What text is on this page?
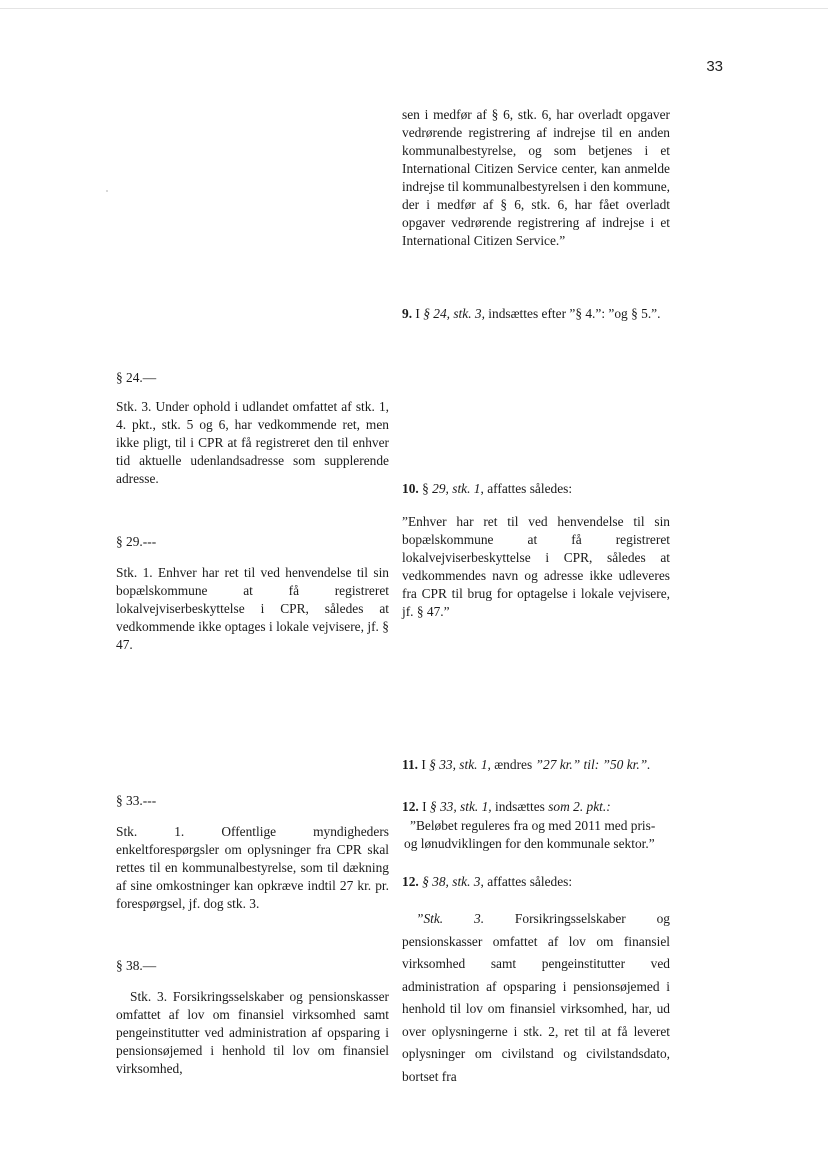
33

sen i medfør af § 6, stk. 6, har overladt opgaver vedrørende registrering af indrejse til en anden kommunalbestyrelse, og som betjenes i et International Citizen Service center, kan anmelde indrejse til kommunalbestyrelsen i den kommune, der i medfør af § 6, stk. 6, har fået overladt opgaver vedrørende registrering af indrejse i et International Citizen Service.”

9. I § 24, stk. 3, indsættes efter ”§ 4.”: ”og § 5.”.

10. § 29, stk. 1, affattes således:

”Enhver har ret til ved henvendelse til sin bopælskommune at få registreret lokalvejviserbeskyttelse i CPR, således at vedkommendes navn og adresse ikke udleveres fra CPR til brug for optagelse i lokale vejvisere, jf. § 47.”

11. I § 33, stk. 1, ændres ”27 kr.” til: ”50 kr.”.

12. I § 33, stk. 1, indsættes som 2. pkt.:

”Beløbet reguleres fra og med 2011 med pris- og lønudviklingen for den kommunale sektor.”

12. § 38, stk. 3, affattes således:

”Stk. 3. Forsikringsselskaber og pensionskasser omfattet af lov om finansiel virksomhed samt pengeinstitutter ved administration af opsparing i pensionsøjemed i henhold til lov om finansiel virksomhed, har, ud over oplysningerne i stk. 2, ret til at få leveret oplysninger om civilstand og civilstandsdato, bortset fra

§ 24.—

Stk. 3. Under ophold i udlandet omfattet af stk. 1, 4. pkt., stk. 5 og 6, har vedkommende ret, men ikke pligt, til i CPR at få registreret den til enhver tid aktuelle udenlandsadresse som supplerende adresse.

§ 29.---

Stk. 1. Enhver har ret til ved henvendelse til sin bopælskommune at få registreret lokalvejviserbeskyttelse i CPR, således at vedkommende ikke optages i lokale vejvisere, jf. § 47.

§ 33.---

Stk. 1. Offentlige myndigheders enkeltforespørgsler om oplysninger fra CPR skal rettes til en kommunalbestyrelse, som til dækning af sine omkostninger kan opkræve indtil 27 kr. pr. forespørgsel, jf. dog stk. 3.

§ 38.—

Stk. 3. Forsikringsselskaber og pensionskasser omfattet af lov om finansiel virksomhed samt pengeinstitutter ved administration af opsparing i pensionsøjemed i henhold til lov om finansiel virksomhed,
